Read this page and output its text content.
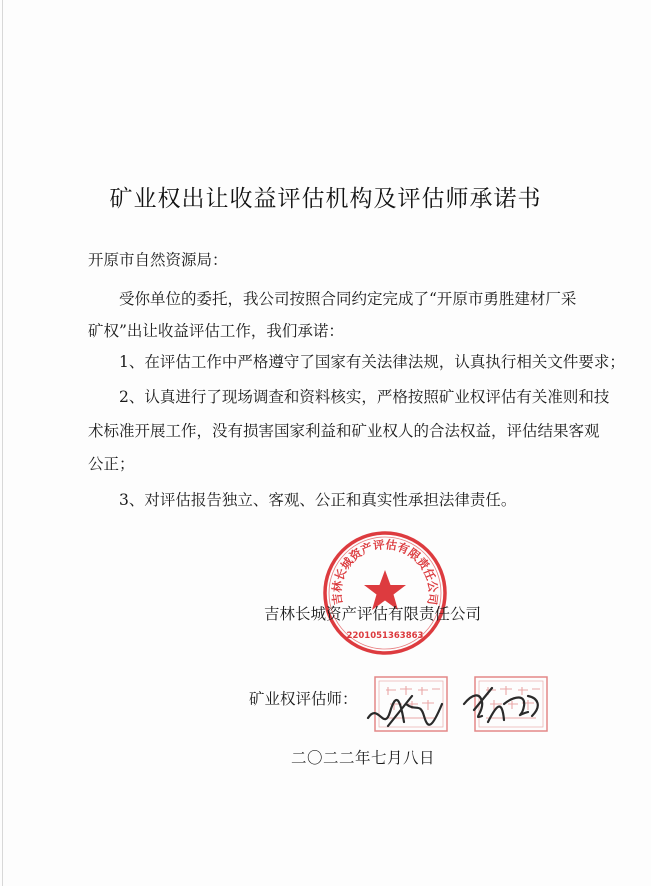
矿业权出让收益评估机构及评估师承诺书
开原市自然资源局：
受你单位的委托，我公司按照合同约定完成了“开原市勇胜建材厂采
矿权”出让收益评估工作，我们承诺：
1、在评估工作中严格遵守了国家有关法律法规，认真执行相关文件要求；
2、认真进行了现场调查和资料核实，严格按照矿业权评估有关准则和技
术标准开展工作，没有损害国家利益和矿业权人的合法权益，评估结果客观
公正；
3、对评估报告独立、客观、公正和真实性承担法律责任。
吉林长城资产评估有限责任公司
2201051363863
吉林长城资产评估有限责任公司
矿业权评估师：
二〇二二年七月八日
